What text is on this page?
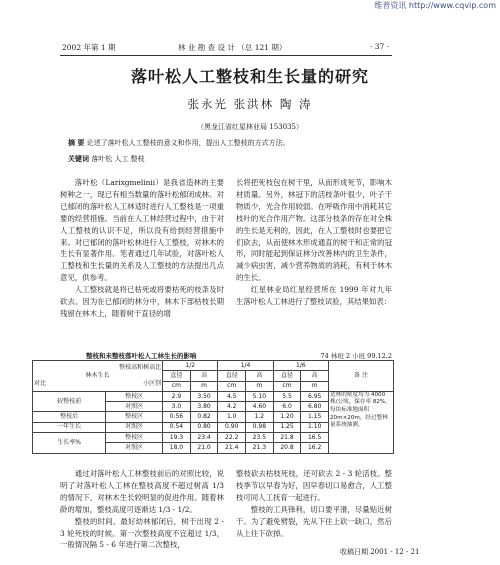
维普资讯 http://www.cqvip.com
2002 年第 1 期	林 业 勘 查 设 计 （总 121 期）	· 37 ·
落叶松人工整枝和生长量的研究
张永光 张洪林 陶 涛
（黑龙江省红星林业局 153035）
摘 要 论述了落叶松人工整枝的意义和作用，提出人工整枝的方式方法。
关键词 落叶松 人工 整枝

落叶松（Larixgmelinii）是我省造林的主要树种之一，现已有相当数量的落叶松郁闭成林。对已郁闭的落叶松人工林适时进行人工整枝是一项重要的经营措施。当前在人工林经营过程中，由于对人工整枝的认识不足，所以没有给到经营措施中来。对已郁闭的落叶松林进行人工整枝，对林木的生长有显著作用。笔者通过几年试验，对落叶松人工整枝和生长量的关系及人工整枝的方法提出几点意见，供参考。

人工整枝就是将已枯死或将要枯死的枝条及时砍去。因为在已郁闭的林分中，林木下部枯枝长期残留在林木上，随着树干直径的增

长将把死枝包在树干里，从而形成死节，影响木材质量。另外，林冠下的活枝条叶很少，叶子干物质少，光合作用较弱。在呼吸作用中消耗其它枝叶的光合作用产物。这部分枝条的存在对全株的生长是无利的，因此，在人工整枝时也要把它们砍去，从而使林木形成通直的树干和正常的冠形，同时能起到保证林分改善林内的卫生条件，减少病虫害，减少营养物质的消耗，有利于林木的生长。

红星林业局红星经营所在 1999 年对九年生落叶松人工林进行了整枝试验，其结果如表：

整枝和未整枝落叶松人工林生长的影响	74 林班 2 小班 99.12.2
整枝高和树高比
林木生长
对比 小区别		1/2		1/4		1/6		备 注
		直径	高	直径	高	直径	高	
		cm	m	cm	m	cm	m	
较整枝前	整枝区	2.9	3.50	4.5	5.10	5.5	6.95	造林的密度均为 4000 株/公顷，保存率 82%，每块标准地面积 20m×20m，经过整林量系统抽测。
	对照区	3.0	3.80	4.2	4.60	6.0	6.80	
整枝后	整枝区	0.56	0.82	1.0	1.2	1.20	1.15	
一年生长	对照区	0.54	0.80	0.90	0.98	1.25	1.10	
生长率%	整枝区	19.3	23.4	22.2	23.5	21.8	16.5	
	对照区	18.0	21.0	21.4	21.3	20.8	16.2	

通过对落叶松人工林整枝前后的对照比较，说明了对落叶松人工林在整枝高度不超过树高 1/3 的情况下，对林木生长较明显的促进作用。随着林龄的增加，整枝高度可逐渐达 1/3 - 1/2。

整枝的时间。最好幼林郁闭后，树干出现 2 - 3 轮死枝的时候。第一次整枝高度不宜超过 1/3，一般情况隔 5 - 6 年进行第二次整枝，

整枝砍去枯枝死枝，还可砍去 2 - 3 轮活枝。整枝季节以早春为好，因早春切口易愈合，人工整枝可同人工抚育一起进行。

整枝的工具锋利，切口要平滑，尽量贴近树干。为了避免劈裂，先从下往上砍一缺口，然后从上往下砍掉。

收稿日期 2001 - 12 - 21
